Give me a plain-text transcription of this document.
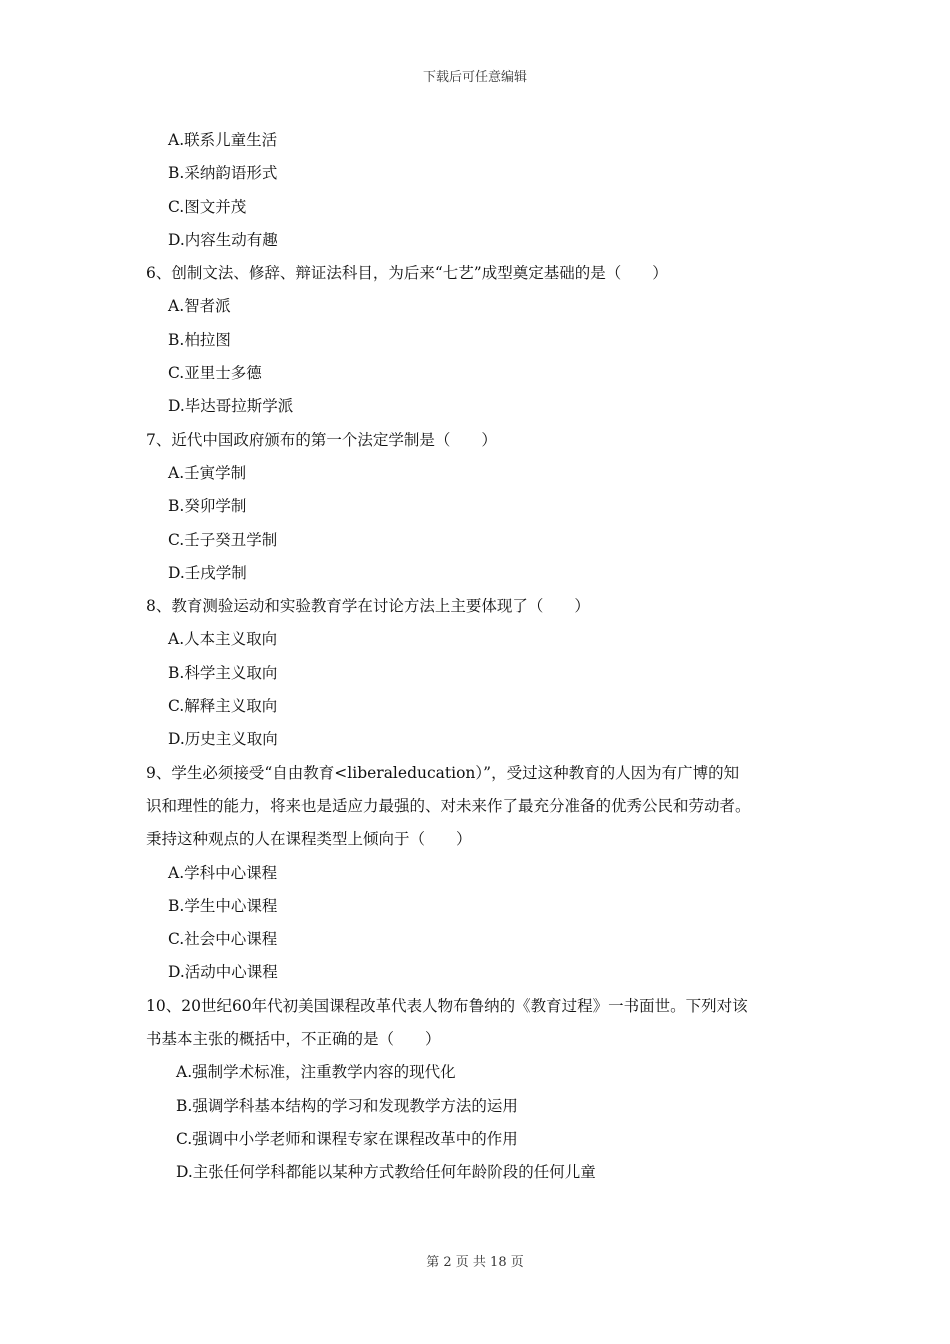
下载后可任意编辑
A.联系儿童生活
B.采纳韵语形式
C.图文并茂
D.内容生动有趣
6、创制文法、修辞、辩证法科目，为后来“七艺”成型奠定基础的是（　　）
A.智者派
B.柏拉图
C.亚里士多德
D.毕达哥拉斯学派
7、近代中国政府颁布的第一个法定学制是（　　）
A.壬寅学制
B.癸卯学制
C.壬子癸丑学制
D.壬戌学制
8、教育测验运动和实验教育学在讨论方法上主要体现了（　　）
A.人本主义取向
B.科学主义取向
C.解释主义取向
D.历史主义取向
9、学生必须接受“自由教育<liberaleducation）”，受过这种教育的人因为有广博的知
识和理性的能力，将来也是适应力最强的、对未来作了最充分准备的优秀公民和劳动者。
秉持这种观点的人在课程类型上倾向于（　　）
A.学科中心课程
B.学生中心课程
C.社会中心课程
D.活动中心课程
10、20世纪60年代初美国课程改革代表人物布鲁纳的《教育过程》一书面世。下列对该
书基本主张的概括中，不正确的是（　　）
A.强制学术标准，注重教学内容的现代化
B.强调学科基本结构的学习和发现教学方法的运用
C.强调中小学老师和课程专家在课程改革中的作用
D.主张任何学科都能以某种方式教给任何年龄阶段的任何儿童
第 2 页 共 18 页
